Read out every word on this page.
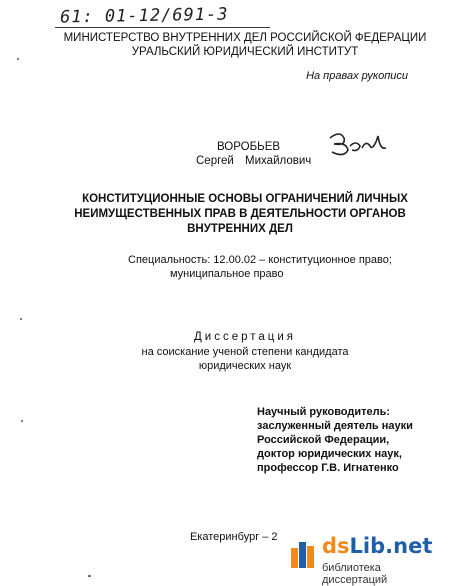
61: 01-12/691-3
МИНИСТЕРСТВО ВНУТРЕННИХ ДЕЛ РОССИЙСКОЙ ФЕДЕРАЦИИ
УРАЛЬСКИЙ ЮРИДИЧЕСКИЙ ИНСТИТУТ
На правах рукописи
ВОРОБЬЕВ
Сергей Михайлович
КОНСТИТУЦИОННЫЕ ОСНОВЫ ОГРАНИЧЕНИЙ ЛИЧНЫХ
НЕИМУЩЕСТВЕННЫХ ПРАВ В ДЕЯТЕЛЬНОСТИ ОРГАНОВ
ВНУТРЕННИХ ДЕЛ
Специальность: 12.00.02 – конституционное право;
муниципальное право
Диссертация
на соискание ученой степени кандидата
юридических наук
Научный руководитель:
заслуженный деятель науки
Российской Федерации,
доктор юридических наук,
профессор Г.В. Игнатенко
Екатеринбург – 2 dsLib.net
библиотека диссертаций
